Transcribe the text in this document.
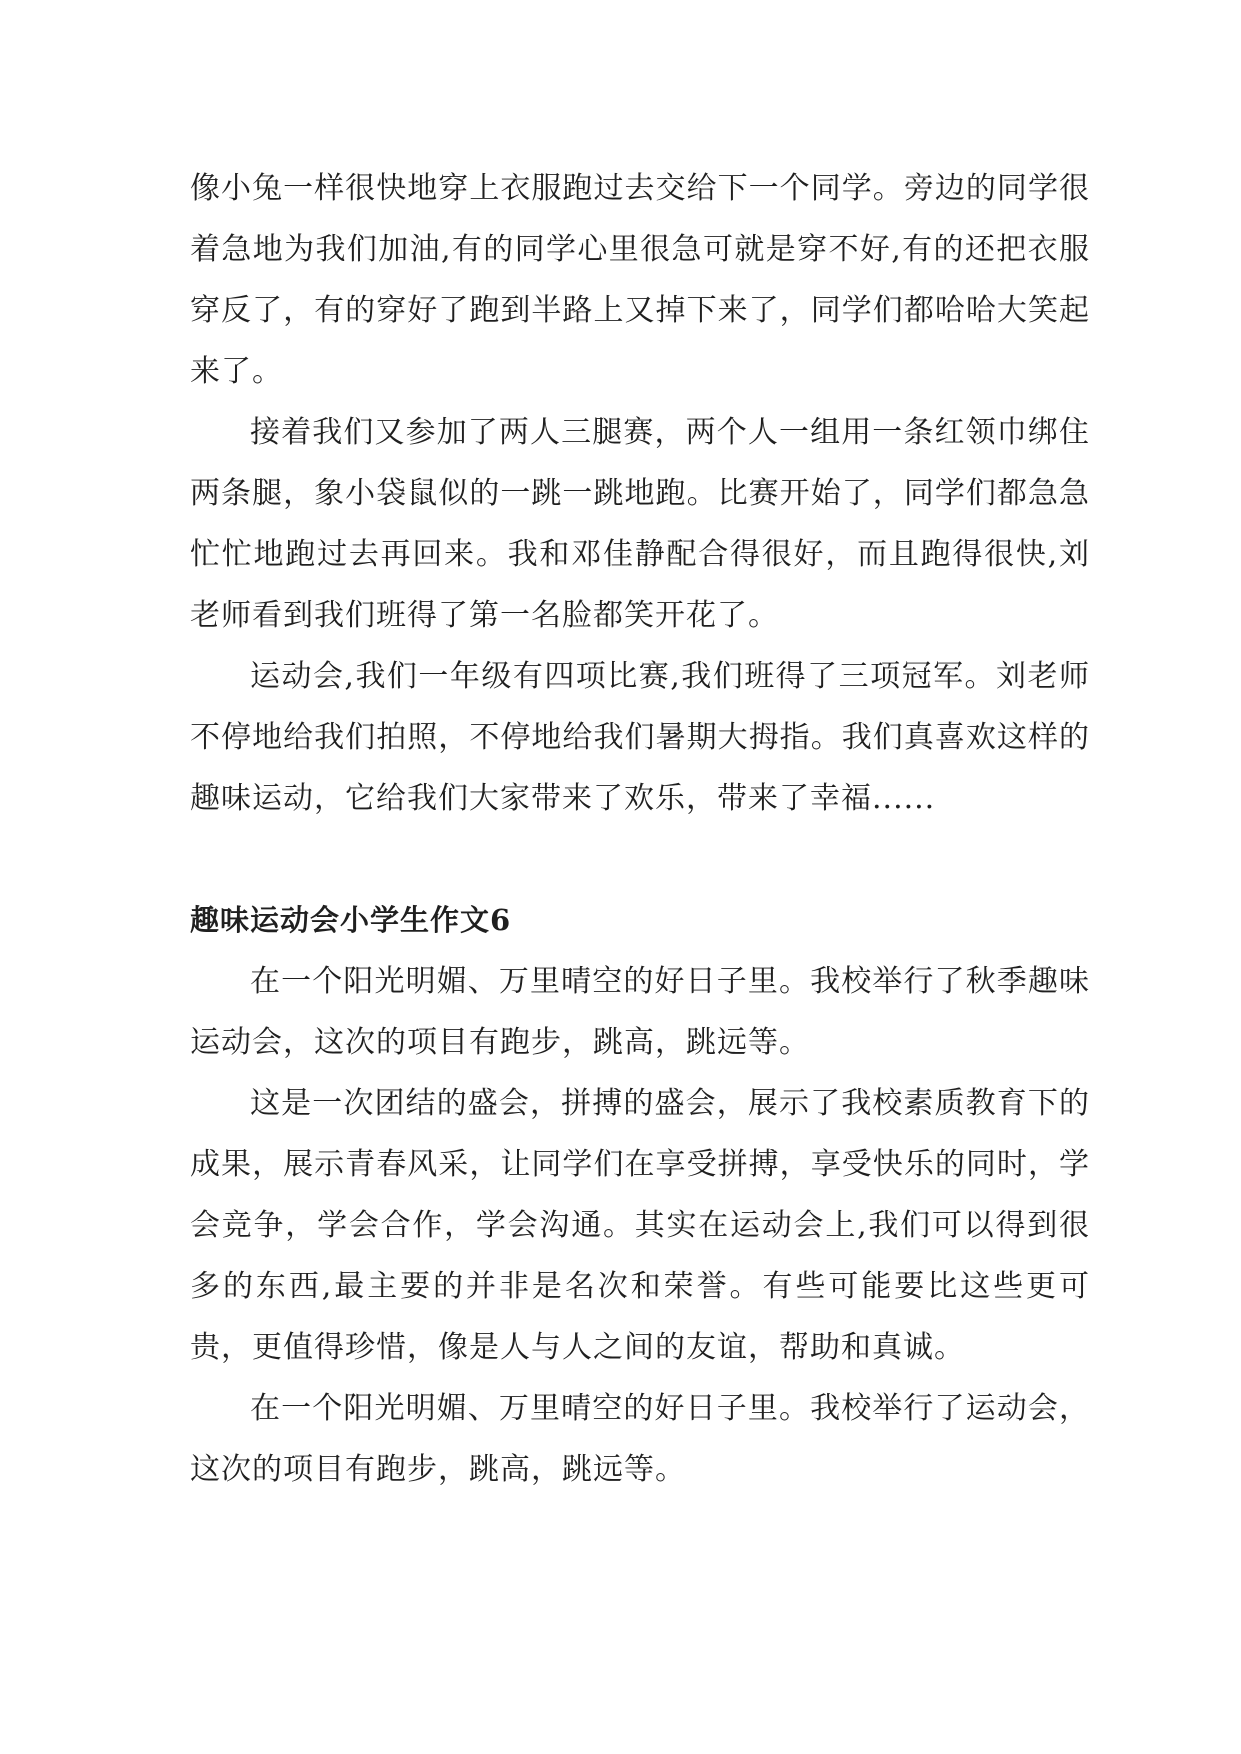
像小兔一样很快地穿上衣服跑过去交给下一个同学。旁边的同学很着急地为我们加油,有的同学心里很急可就是穿不好,有的还把衣服穿反了，有的穿好了跑到半路上又掉下来了，同学们都哈哈大笑起来了。

接着我们又参加了两人三腿赛，两个人一组用一条红领巾绑住两条腿，象小袋鼠似的一跳一跳地跑。比赛开始了，同学们都急急忙忙地跑过去再回来。我和邓佳静配合得很好，而且跑得很快,刘老师看到我们班得了第一名脸都笑开花了。

运动会,我们一年级有四项比赛,我们班得了三项冠军。刘老师不停地给我们拍照，不停地给我们暑期大拇指。我们真喜欢这样的趣味运动，它给我们大家带来了欢乐，带来了幸福......

趣味运动会小学生作文6

在一个阳光明媚、万里晴空的好日子里。我校举行了秋季趣味运动会，这次的项目有跑步，跳高，跳远等。

这是一次团结的盛会，拼搏的盛会，展示了我校素质教育下的成果，展示青春风采，让同学们在享受拼搏，享受快乐的同时，学会竞争，学会合作，学会沟通。其实在运动会上,我们可以得到很多的东西,最主要的并非是名次和荣誉。有些可能要比这些更可贵，更值得珍惜，像是人与人之间的友谊，帮助和真诚。

在一个阳光明媚、万里晴空的好日子里。我校举行了运动会，这次的项目有跑步，跳高，跳远等。
